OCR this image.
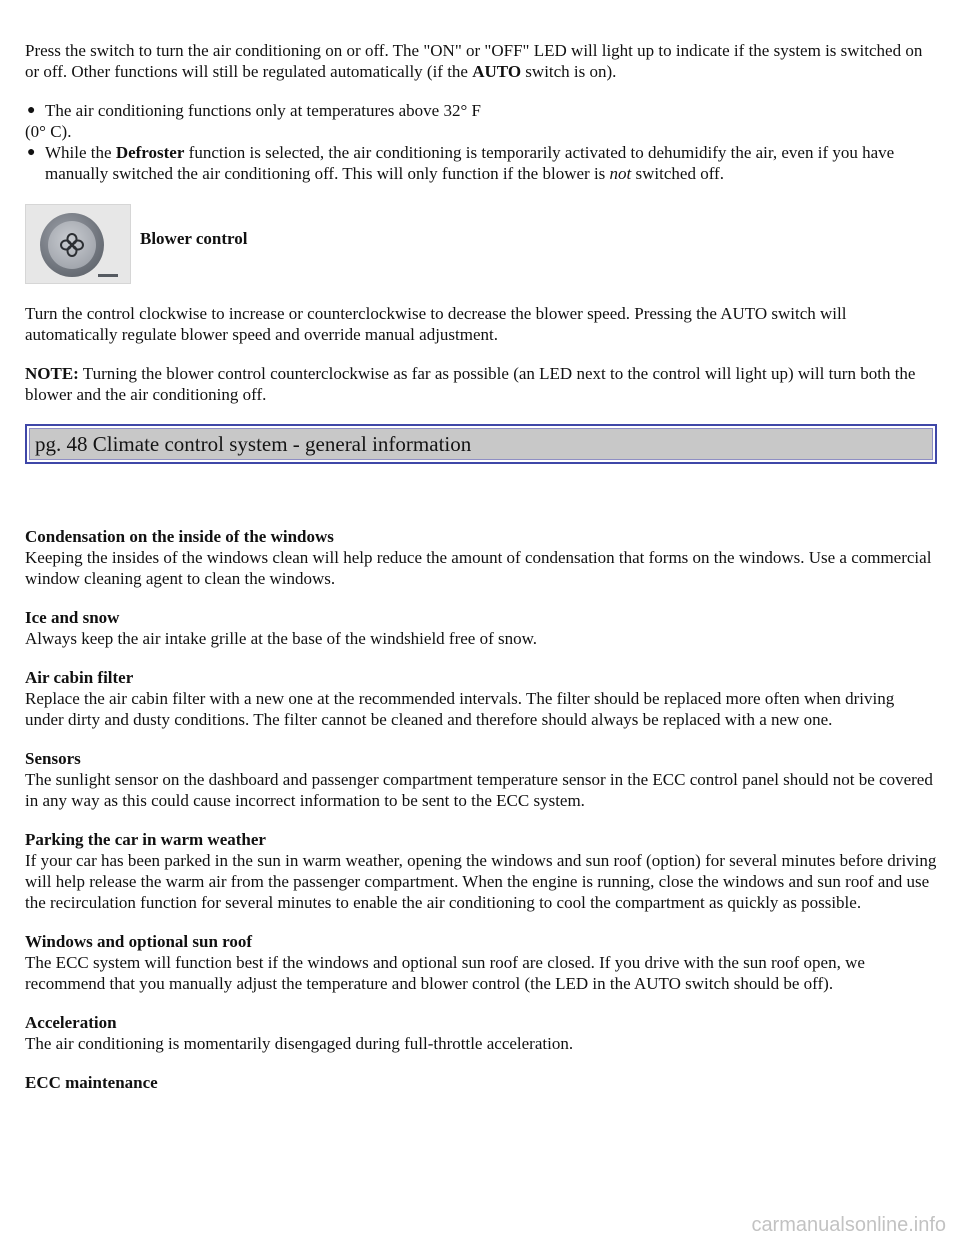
Press the switch to turn the air conditioning on or off. The "ON" or "OFF" LED will light up to indicate if the system is switched on or off. Other functions will still be regulated automatically (if the AUTO switch is on).

● The air conditioning functions only at temperatures above 32° F
(0° C).
● While the Defroster function is selected, the air conditioning is temporarily activated to dehumidify the air, even if you have manually switched the air conditioning off. This will only function if the blower is not switched off.
Blower control

Turn the control clockwise to increase or counterclockwise to decrease the blower speed. Pressing the AUTO switch will automatically regulate blower speed and override manual adjustment.

NOTE: Turning the blower control counterclockwise as far as possible (an LED next to the control will light up) will turn both the blower and the air conditioning off.

pg. 48 Climate control system - general information
Condensation on the inside of the windows

Keeping the insides of the windows clean will help reduce the amount of condensation that forms on the windows. Use a commercial window cleaning agent to clean the windows.

Ice and snow

Always keep the air intake grille at the base of the windshield free of snow.

Air cabin filter

Replace the air cabin filter with a new one at the recommended intervals. The filter should be replaced more often when driving under dirty and dusty conditions. The filter cannot be cleaned and therefore should always be replaced with a new one.

Sensors

The sunlight sensor on the dashboard and passenger compartment temperature sensor in the ECC control panel should not be covered in any way as this could cause incorrect information to be sent to the ECC system.

Parking the car in warm weather

If your car has been parked in the sun in warm weather, opening the windows and sun roof (option) for several minutes before driving will help release the warm air from the passenger compartment. When the engine is running, close the windows and sun roof and use the recirculation function for several minutes to enable the air conditioning to cool the compartment as quickly as possible.

Windows and optional sun roof

The ECC system will function best if the windows and optional sun roof are closed. If you drive with the sun roof open, we recommend that you manually adjust the temperature and blower control (the LED in the AUTO switch should be off).

Acceleration

The air conditioning is momentarily disengaged during full-throttle acceleration.

ECC maintenance
carmanualsonline.info
